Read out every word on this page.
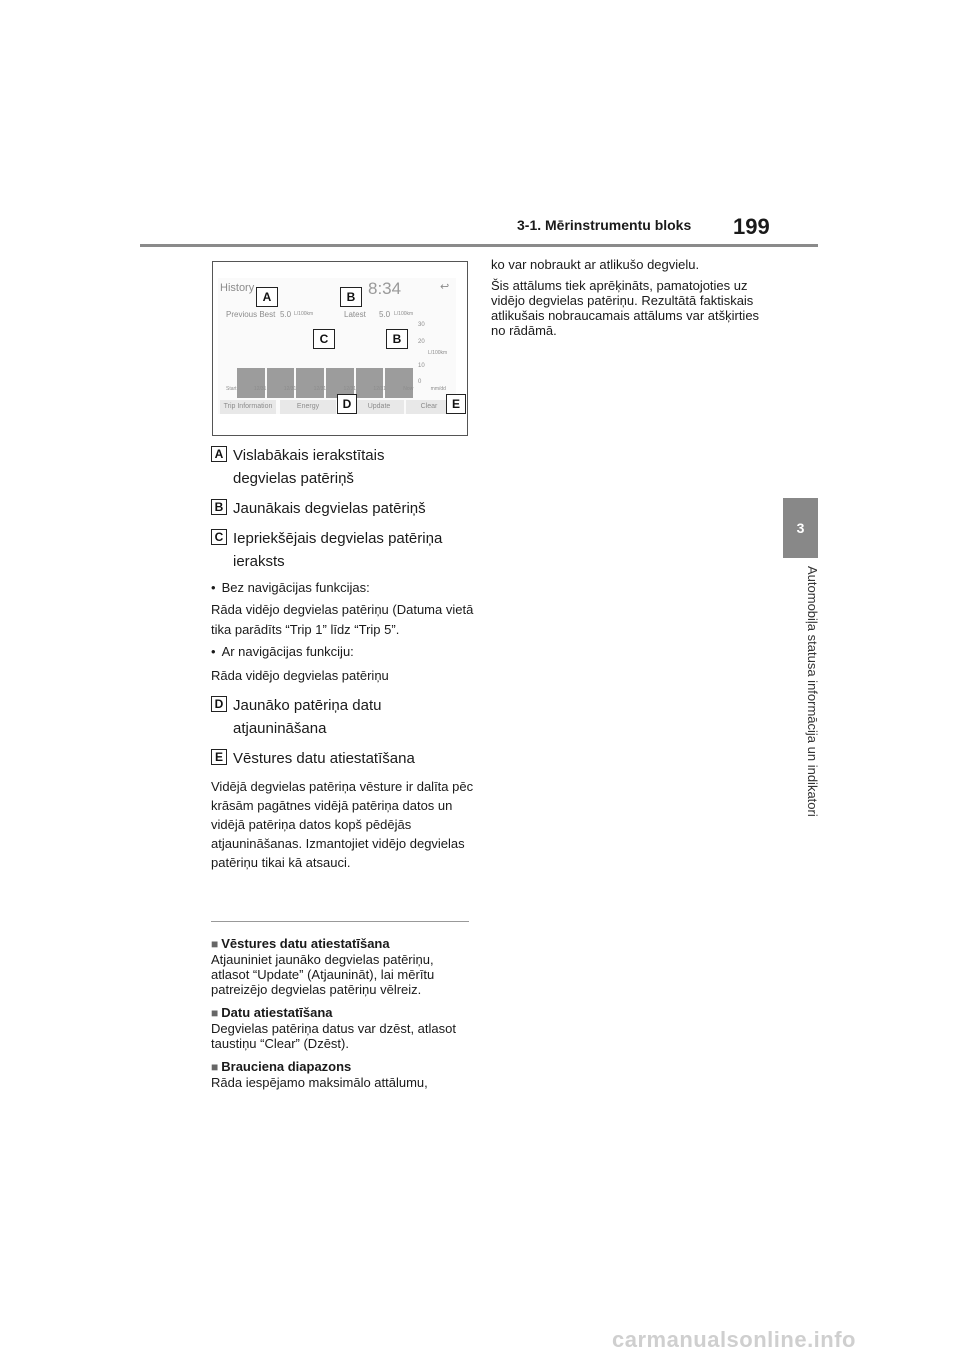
3-1. Mērinstrumentu bloks 199
3
Automobiļa statusa informācija un indikatori
History	8:34	↩
Previous Best 5.0 L/100km	Latest 5.0 L/100km
30
20
L/100km
10
0
Start	12/31	12/31	12/31	12/31	12/31	Now	mm/dd
Trip Information	Energy	Update	Clear
A	B
C	B
D	E
A Vislabākais ierakstītais
degvielas patēriņš
B Jaunākais degvielas patēriņš
C Iepriekšējais degvielas patēriņa
ieraksts
• Bez navigācijas funkcijas:
Rāda vidējo degvielas patēriņu (Datuma vietā tika parādīts “Trip 1” līdz “Trip 5”.
• Ar navigācijas funkciju:
Rāda vidējo degvielas patēriņu
D Jaunāko patēriņa datu
atjaunināšana
E Vēstures datu atiestatīšana
Vidējā degvielas patēriņa vēsture ir dalīta pēc krāsām pagātnes vidējā patēriņa datos un vidējā patēriņa datos kopš pēdējās atjaunināšanas. Izmantojiet vidējo degvielas patēriņu tikai kā atsauci.
■ Vēstures datu atiestatīšana

Atjauniniet jaunāko degvielas patēriņu, atlasot “Update” (Atjaunināt), lai mērītu patreizējo degvielas patēriņu vēlreiz.

■ Datu atiestatīšana

Degvielas patēriņa datus var dzēst, atlasot taustiņu “Clear” (Dzēst).

■ Brauciena diapazons

Rāda iespējamo maksimālo attālumu,

ko var nobraukt ar atlikušo degvielu.

Šis attālums tiek aprēķināts, pamatojoties uz vidējo degvielas patēriņu. Rezultātā faktiskais atlikušais nobraucamais attālums var atšķirties no rādāmā.

carmanualsonline.info
